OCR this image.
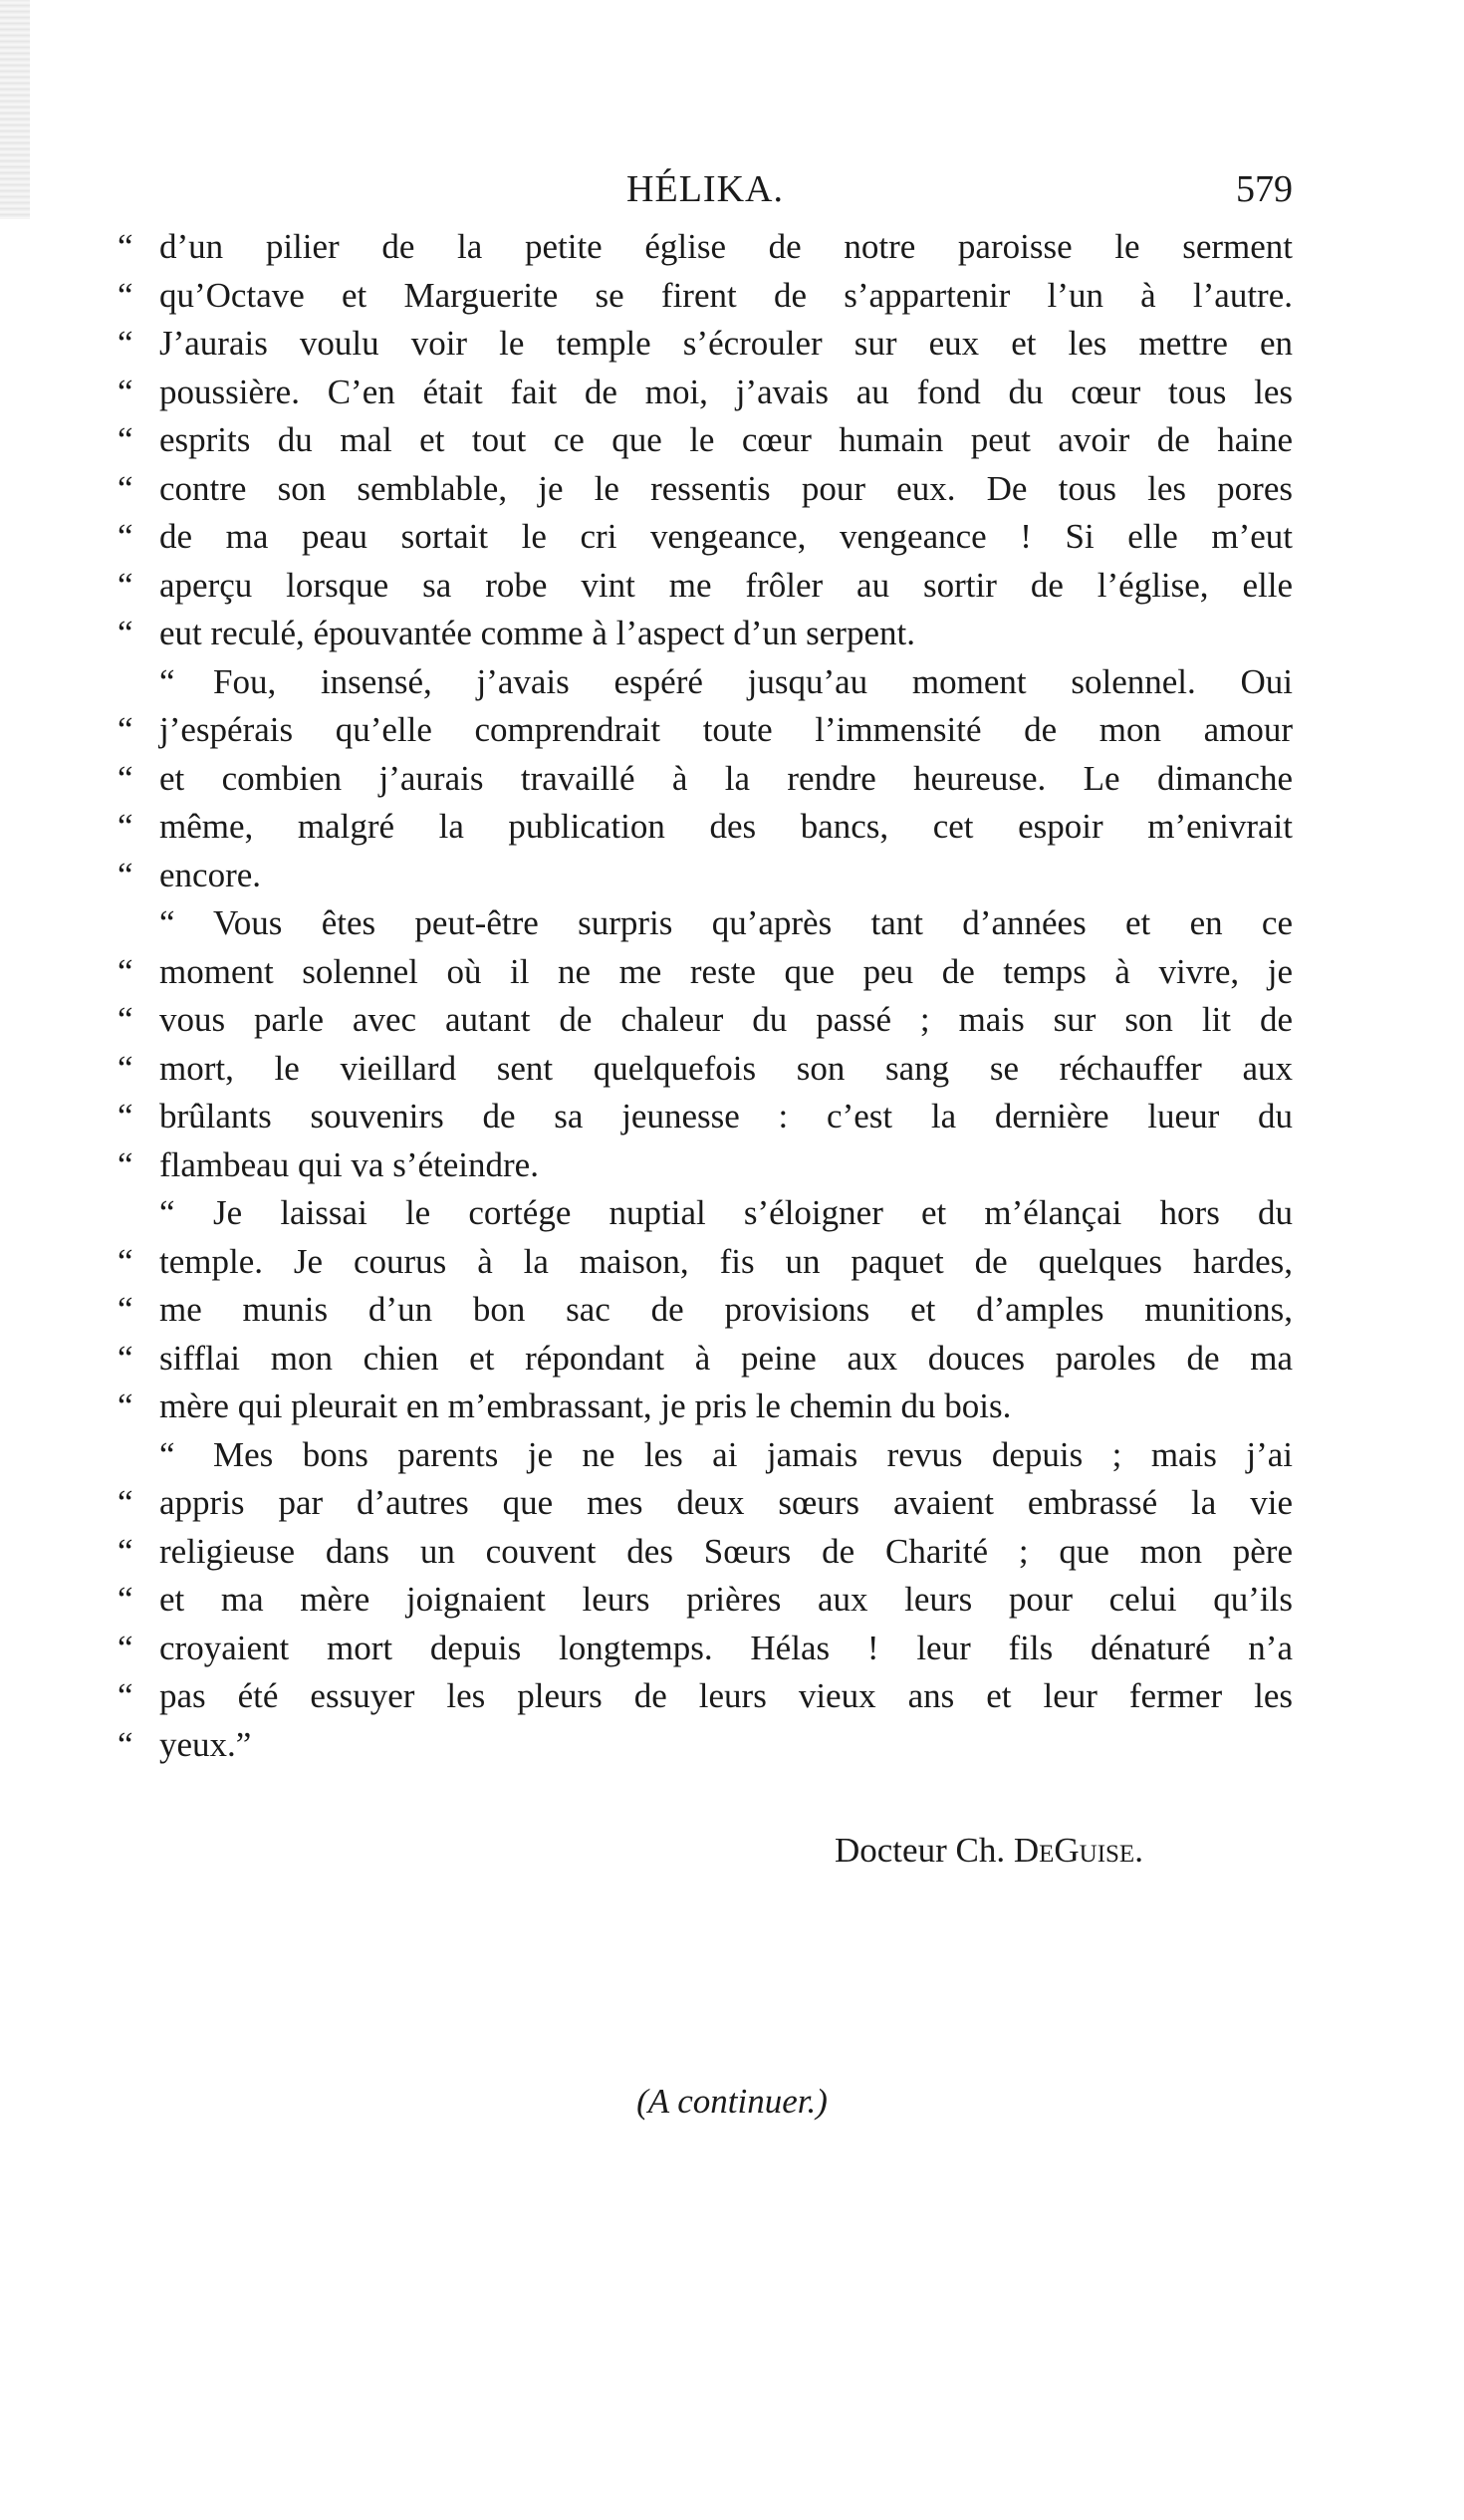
HÉLIKA.	579
“ d’un pilier de la petite église de notre paroisse le serment
“ qu’Octave et Marguerite se firent de s’appartenir l’un à l’autre.
“ J’aurais voulu voir le temple s’écrouler sur eux et les mettre en
“ poussière. C’en était fait de moi, j’avais au fond du cœur tous les
“ esprits du mal et tout ce que le cœur humain peut avoir de haine
“ contre son semblable, je le ressentis pour eux. De tous les pores
“ de ma peau sortait le cri vengeance, vengeance ! Si elle m’eut
“ aperçu lorsque sa robe vint me frôler au sortir de l’église, elle
“ eut reculé, épouvantée comme à l’aspect d’un serpent.
“	Fou, insensé, j’avais espéré jusqu’au moment solennel. Oui
“ j’espérais qu’elle comprendrait toute l’immensité de mon amour
“ et combien j’aurais travaillé à la rendre heureuse. Le dimanche
“ même, malgré la publication des bancs, cet espoir m’enivrait
“ encore.
“	Vous êtes peut-être surpris qu’après tant d’années et en ce
“ moment solennel où il ne me reste que peu de temps à vivre, je
“ vous parle avec autant de chaleur du passé ; mais sur son lit de
“ mort, le vieillard sent quelquefois son sang se réchauffer aux
“ brûlants souvenirs de sa jeunesse : c’est la dernière lueur du
“ flambeau qui va s’éteindre.
“	Je laissai le cortége nuptial s’éloigner et m’élançai hors du
“ temple. Je courus à la maison, fis un paquet de quelques hardes,
“ me munis d’un bon sac de provisions et d’amples munitions,
“ sifflai mon chien et répondant à peine aux douces paroles de ma
“ mère qui pleurait en m’embrassant, je pris le chemin du bois.
“	Mes bons parents je ne les ai jamais revus depuis ; mais j’ai
“ appris par d’autres que mes deux sœurs avaient embrassé la vie
“ religieuse dans un couvent des Sœurs de Charité ; que mon père
“ et ma mère joignaient leurs prières aux leurs pour celui qu’ils
“ croyaient mort depuis longtemps. Hélas ! leur fils dénaturé n’a
“ pas été essuyer les pleurs de leurs vieux ans et leur fermer les
“ yeux.”
Docteur Ch. DeGuise.
(A continuer.)
